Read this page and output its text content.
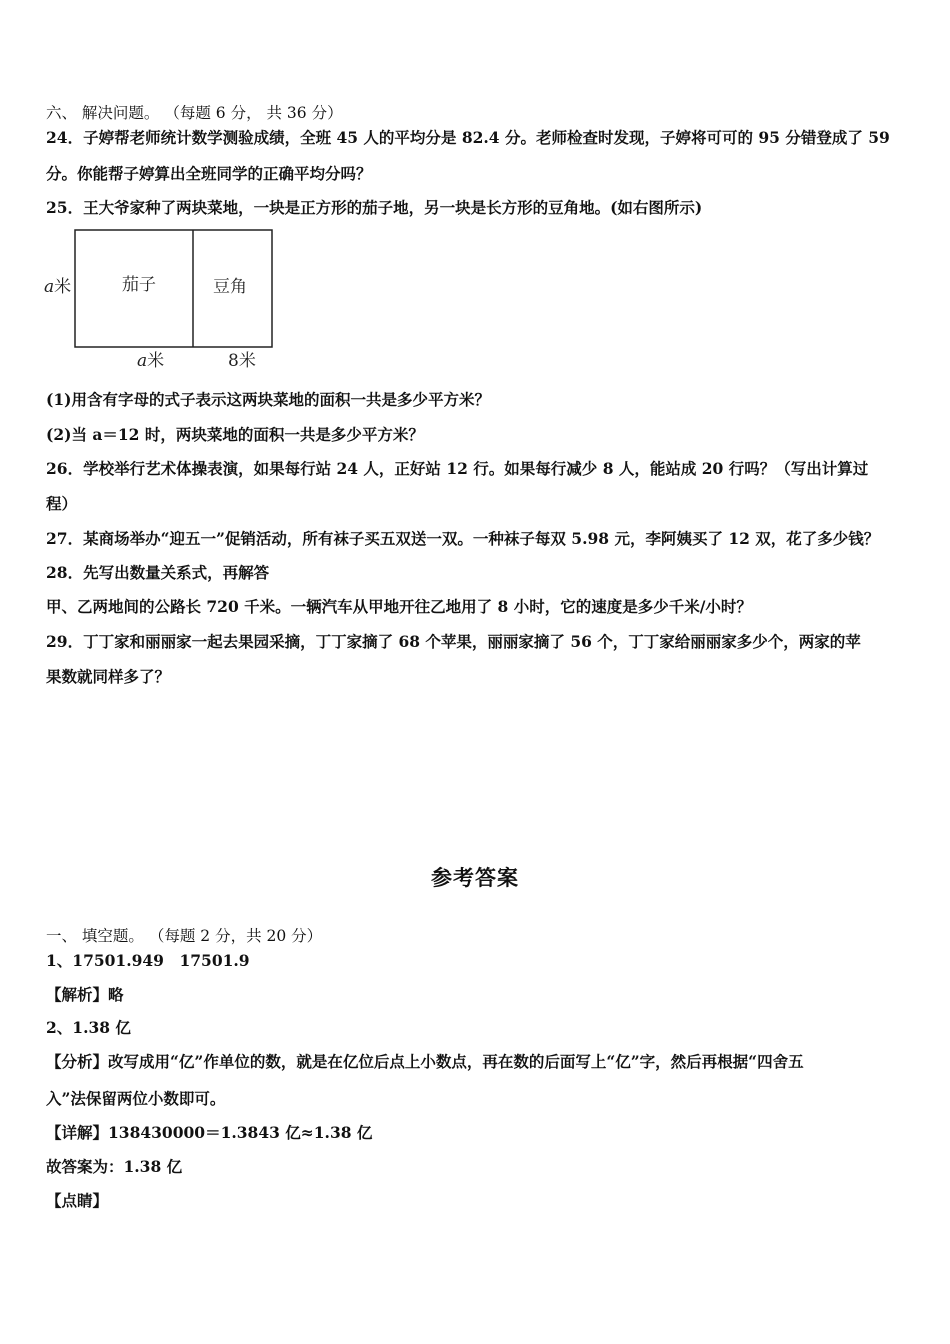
六、 解决问题。 （每题 6 分， 共 36 分）

24．子婷帮老师统计数学测验成绩，全班 45 人的平均分是 82.4 分。老师检查时发现，子婷将可可的 95 分错登成了 59

分。你能帮子婷算出全班同学的正确平均分吗？

25．王大爷家种了两块菜地，一块是正方形的茄子地，另一块是长方形的豆角地。(如右图所示)

a米	茄子	豆角
a米	8米

(1)用含有字母的式子表示这两块菜地的面积一共是多少平方米？

(2)当 a＝12 时，两块菜地的面积一共是多少平方米？

26．学校举行艺术体操表演，如果每行站 24 人，正好站 12 行。如果每行减少 8 人，能站成 20 行吗？（写出计算过

程）

27．某商场举办“迎五一”促销活动，所有袜子买五双送一双。一种袜子每双 5.98 元，李阿姨买了 12 双，花了多少钱？

28．先写出数量关系式，再解答

甲、乙两地间的公路长 720 千米。一辆汽车从甲地开往乙地用了 8 小时，它的速度是多少千米/小时？

29．丁丁家和丽丽家一起去果园采摘，丁丁家摘了 68 个苹果，丽丽家摘了 56 个，丁丁家给丽丽家多少个，两家的苹

果数就同样多了？

参考答案

一、 填空题。 （每题 2 分，共 20 分）

1、17501.949　17501.9

【解析】略

2、1.38 亿

【分析】改写成用“亿”作单位的数，就是在亿位后点上小数点，再在数的后面写上“亿”字，然后再根据“四舍五

入”法保留两位小数即可。

【详解】138430000＝1.3843 亿≈1.38 亿

故答案为：1.38 亿

【点睛】
